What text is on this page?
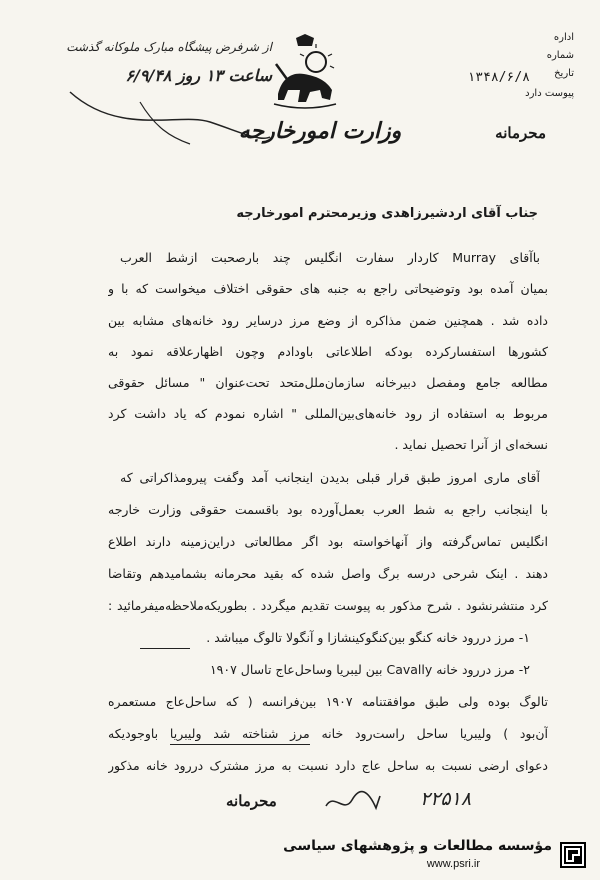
از شرفرض پیشگاه مبارک ملوکانه گذشت
ساعت ۱۳ روز ۶/۹/۴۸
اداره
شماره
تاریخ
۱۳۴۸/۶/۸
پیوست دارد
محرمانه
وزارت امورخارجه
جناب آقای اردشیرزاهدی وزیرمحترم امورخارجه
باآقای Murray کاردار سفارت انگلیس چند بارصحبت ازشط العرب
بمیان آمده بود وتوضیحاتی راجع به جنبه های حقوقی اختلاف میخواست که با و
داده شد . همچنین ضمن مذاکره از وضع مرز درسایر رود خانه‌های مشابه بین
کشورها استفسارکرده بودکه اطلاعاتی باودادم وچون اظهارعلاقه نمود به
مطالعه جامع ومفصل دبیرخانه سازمان‌ملل‌متحد تحت‌عنوان " مسائل حقوقی
مربوط به استفاده از رود خانه‌های‌بین‌المللی " اشاره نمودم که یاد داشت کرد
نسخه‌ای از آنرا تحصیل نماید .
آقای ماری امروز طبق قرار قبلی بدیدن اینجانب آمد وگفت پیرومذاکراتی که
با اینجانب راجع به شط العرب بعمل‌آورده بود باقسمت حقوقی وزارت خارجه
انگلیس تماس‌گرفته واز آنها‌خواسته بود اگر مطالعاتی دراین‌زمینه دارند اطلاع
دهند . اینک شرحی درسه برگ واصل شده که بقید محرمانه بشمامیدهم وتقاضا
کرد منتشرنشود . شرح مذکور به پیوست تقدیم میگردد . بطوریکه‌ملاحظه‌میفرمائید :
۱- مرز دررود خانه کنگو بین‌کنگوکینشازا و آنگولا تالوگ میباشد .
۲- مرز دررود خانه Cavally بین لیبریا وساحل‌عاج تاسال ۱۹۰۷
تالوگ بوده ولی طبق موافقتنامه ۱۹۰۷ بین‌فرانسه ( که ساحل‌عاج مستعمره
آن‌بود ) ولیبریا ساحل راست‌رود خانه مرز شناخته شد ولیبریا باوجودیکه
دعوای ارضی نسبت به ساحل عاج دارد نسبت به مرز مشترک دررود خانه مذکور
محرمانه	۲۲۵۱۸
مؤسسه مطالعات و پژوهشهای سیاسی
www.psri.ir
